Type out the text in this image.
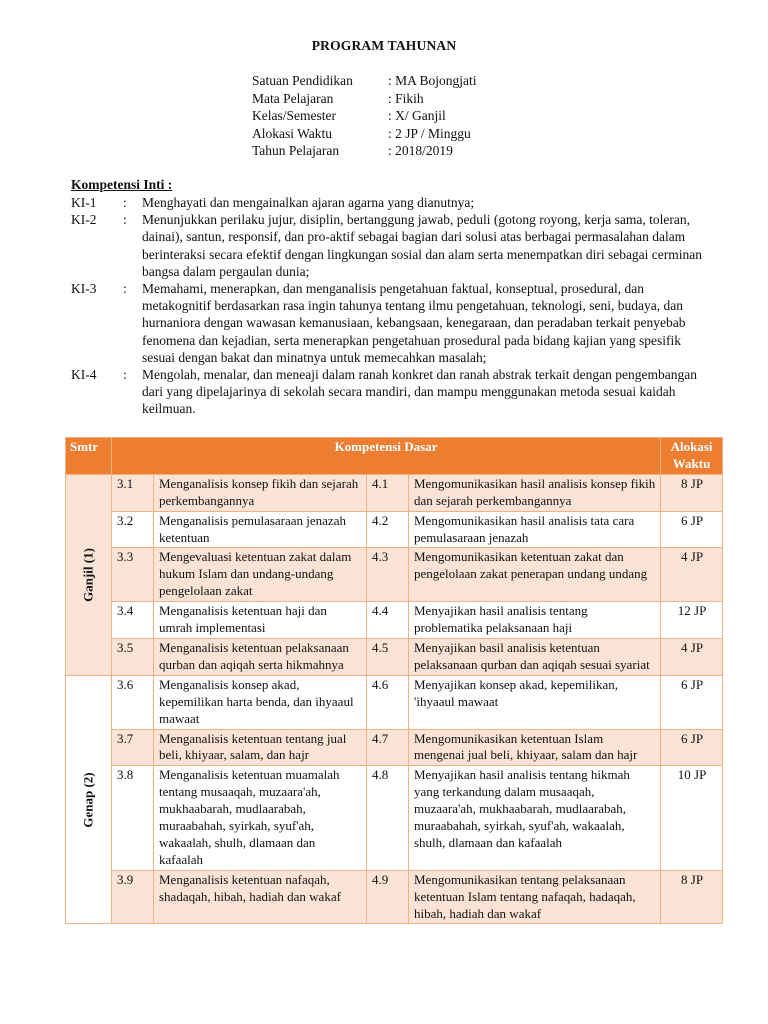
PROGRAM TAHUNAN
Satuan Pendidikan	: MA Bojongjati
Mata Pelajaran	: Fikih
Kelas/Semester	: X/ Ganjil
Alokasi Waktu	: 2 JP / Minggu
Tahun Pelajaran	: 2018/2019
Kompetensi Inti :
KI-1	:	Menghayati dan mengainalkan ajaran agarna yang dianutnya;
KI-2	:	Menunjukkan perilaku jujur, disiplin, bertanggung jawab, peduli (gotong royong, kerja sama, toleran, dainai), santun, responsif, dan pro-aktif sebagai bagian dari solusi atas berbagai permasalahan dalam berinteraksi secara efektif dengan lingkungan sosial dan alam serta menempatkan diri sebagai cerminan bangsa dalam pergaulan dunia;
KI-3	:	Memahami, menerapkan, dan menganalisis pengetahuan faktual, konseptual, prosedural, dan metakognitif berdasarkan rasa ingin tahunya tentang ilmu pengetahuan, teknologi, seni, budaya, dan hurnaniora dengan wawasan kemanusiaan, kebangsaan, kenegaraan, dan peradaban terkait penyebab fenomena dan kejadian, serta menerapkan pengetahuan prosedural pada bidang kajian yang spesifik sesuai dengan bakat dan minatnya untuk memecahkan masalah;
KI-4	:	Mengolah, menalar, dan meneaji dalam ranah konkret dan ranah abstrak terkait dengan pengembangan dari yang dipelajarinya di sekolah secara mandiri, dan mampu menggunakan metoda sesuai kaidah keilmuan.
Smtr	Kompetensi Dasar				Alokasi Waktu

Ganjil (1)	3.1	Menganalisis konsep fikih dan sejarah perkembangannya	4.1	Mengomunikasikan hasil analisis konsep fikih dan sejarah perkembangannya	8 JP
	3.2	Menganalisis pemulasaraan jenazah ketentuan	4.2	Mengomunikasikan hasil analisis tata cara pemulasaraan jenazah	6 JP
	3.3	Mengevaluasi ketentuan zakat dalam hukum Islam dan undang-undang pengelolaan zakat	4.3	Mengomunikasikan ketentuan zakat dan pengelolaan zakat penerapan undang undang	4 JP
	3.4	Menganalisis ketentuan haji dan umrah implementasi	4.4	Menyajikan hasil analisis tentang problematika pelaksanaan haji	12 JP
	3.5	Menganalisis ketentuan pelaksanaan qurban dan aqiqah serta hikmahnya	4.5	Menyajikan basil analisis ketentuan pelaksanaan qurban dan aqiqah sesuai syariat	4 JP

Genap (2)	3.6	Menganalisis konsep akad, kepemilikan harta benda, dan ihyaaul mawaat	4.6	Menyajikan konsep akad, kepemilikan, 'ihyaaul mawaat	6 JP
	3.7	Menganalisis ketentuan tentang jual beli, khiyaar, salam, dan hajr	4.7	Mengomunikasikan ketentuan Islam mengenai jual beli, khiyaar, salam dan hajr	6 JP
	3.8	Menganalisis ketentuan muamalah tentang musaaqah, muzaara'ah, mukhaabarah, mudlaarabah, muraabahah, syirkah, syuf'ah, wakaalah, shulh, dlamaan dan kafaalah	4.8	Menyajikan hasil analisis tentang hikmah yang terkandung dalam musaaqah, muzaara'ah, mukhaabarah, mudlaarabah, muraabahah, syirkah, syuf'ah, wakaalah, shulh, dlamaan dan kafaalah	10 JP
	3.9	Menganalisis ketentuan nafaqah, shadaqah, hibah, hadiah dan wakaf	4.9	Mengomunikasikan tentang pelaksanaan ketentuan Islam tentang nafaqah, hadaqah, hibah, hadiah dan wakaf	8 JP
